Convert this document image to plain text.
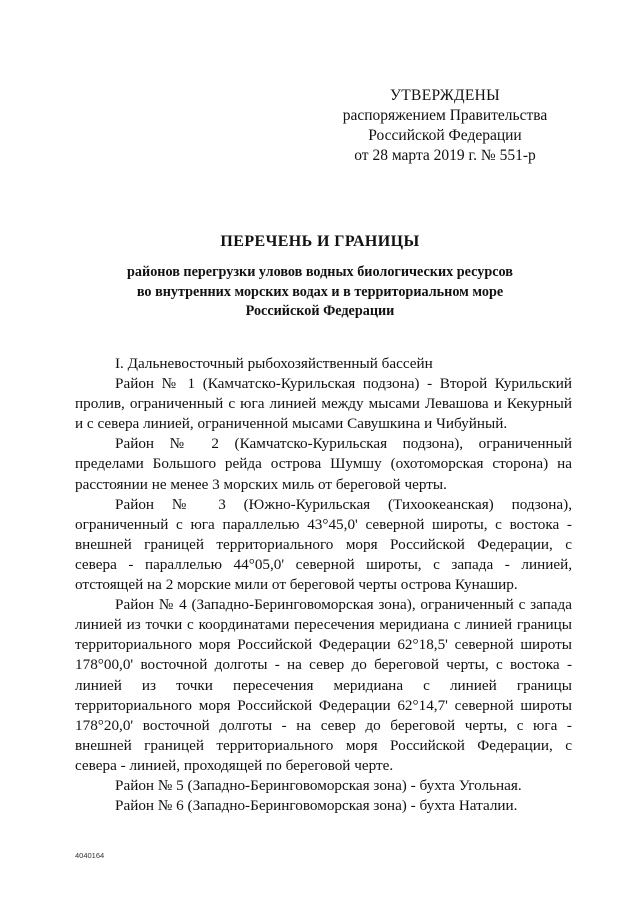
УТВЕРЖДЕНЫ
распоряжением Правительства
Российской Федерации
от 28 марта 2019 г. № 551-р
ПЕРЕЧЕНЬ И ГРАНИЦЫ
районов перегрузки уловов водных биологических ресурсов
во внутренних морских водах и в территориальном море
Российской Федерации
I. Дальневосточный рыбохозяйственный бассейн
Район № 1 (Камчатско-Курильская подзона) - Второй Курильский
пролив, ограниченный с юга линией между мысами Левашова и Кекурный
и с севера линией, ограниченной мысами Савушкина и Чибуйный.
Район № 2 (Камчатско-Курильская подзона), ограниченный
пределами Большого рейда острова Шумшу (охотоморская сторона) на
расстоянии не менее 3 морских миль от береговой черты.
Район № 3 (Южно-Курильская (Тихоокеанская) подзона),
ограниченный с юга параллелью 43°45,0' северной широты, с востока -
внешней границей территориального моря Российской Федерации, с
севера - параллелью 44°05,0' северной широты, с запада - линией,
отстоящей на 2 морские мили от береговой черты острова Кунашир.
Район № 4 (Западно-Беринговоморская зона), ограниченный с запада
линией из точки с координатами пересечения меридиана с линией границы
территориального моря Российской Федерации 62°18,5' северной широты
178°00,0' восточной долготы - на север до береговой черты, с востока -
линией из точки пересечения меридиана с линией границы
территориального моря Российской Федерации 62°14,7' северной широты
178°20,0' восточной долготы - на север до береговой черты, с юга -
внешней границей территориального моря Российской Федерации, с
севера - линией, проходящей по береговой черте.
Район № 5 (Западно-Беринговоморская зона) - бухта Угольная.
Район № 6 (Западно-Беринговоморская зона) - бухта Наталии.
4040164
